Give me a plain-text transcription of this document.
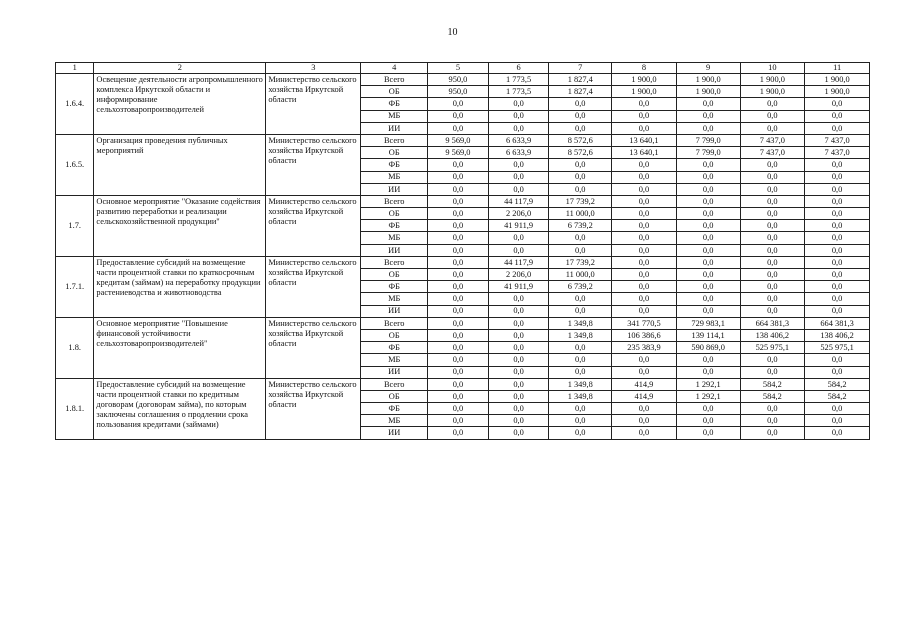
10
1	2	3	4	5	6	7	8	9	10	11
1.6.4.	Освещение деятельности агропромышленного комплекса Иркутской области и информирование сельхозтоваропроизводителей	Министерство сельского хозяйства Иркутской области	Всего	950,0	1 773,5	1 827,4	1 900,0	1 900,0	1 900,0	1 900,0
			ОБ	950,0	1 773,5	1 827,4	1 900,0	1 900,0	1 900,0	1 900,0
			ФБ	0,0	0,0	0,0	0,0	0,0	0,0	0,0
			МБ	0,0	0,0	0,0	0,0	0,0	0,0	0,0
			ИИ	0,0	0,0	0,0	0,0	0,0	0,0	0,0
1.6.5.	Организация проведения публичных мероприятий	Министерство сельского хозяйства Иркутской области	Всего	9 569,0	6 633,9	8 572,6	13 640,1	7 799,0	7 437,0	7 437,0
			ОБ	9 569,0	6 633,9	8 572,6	13 640,1	7 799,0	7 437,0	7 437,0
			ФБ	0,0	0,0	0,0	0,0	0,0	0,0	0,0
			МБ	0,0	0,0	0,0	0,0	0,0	0,0	0,0
			ИИ	0,0	0,0	0,0	0,0	0,0	0,0	0,0
1.7.	Основное мероприятие "Оказание содействия развитию переработки и реализации сельскохозяйственной продукции"	Министерство сельского хозяйства Иркутской области	Всего	0,0	44 117,9	17 739,2	0,0	0,0	0,0	0,0
			ОБ	0,0	2 206,0	11 000,0	0,0	0,0	0,0	0,0
			ФБ	0,0	41 911,9	6 739,2	0,0	0,0	0,0	0,0
			МБ	0,0	0,0	0,0	0,0	0,0	0,0	0,0
			ИИ	0,0	0,0	0,0	0,0	0,0	0,0	0,0
1.7.1.	Предоставление субсидий на возмещение части процентной ставки по краткосрочным кредитам (займам) на переработку продукции растениеводства и животноводства	Министерство сельского хозяйства Иркутской области	Всего	0,0	44 117,9	17 739,2	0,0	0,0	0,0	0,0
			ОБ	0,0	2 206,0	11 000,0	0,0	0,0	0,0	0,0
			ФБ	0,0	41 911,9	6 739,2	0,0	0,0	0,0	0,0
			МБ	0,0	0,0	0,0	0,0	0,0	0,0	0,0
			ИИ	0,0	0,0	0,0	0,0	0,0	0,0	0,0
1.8.	Основное мероприятие "Повышение финансовой устойчивости сельхозтоваропроизводителей"	Министерство сельского хозяйства Иркутской области	Всего	0,0	0,0	1 349,8	341 770,5	729 983,1	664 381,3	664 381,3
			ОБ	0,0	0,0	1 349,8	106 386,6	139 114,1	138 406,2	138 406,2
			ФБ	0,0	0,0	0,0	235 383,9	590 869,0	525 975,1	525 975,1
			МБ	0,0	0,0	0,0	0,0	0,0	0,0	0,0
			ИИ	0,0	0,0	0,0	0,0	0,0	0,0	0,0
1.8.1.	Предоставление субсидий на возмещение части процентной ставки по кредитным договорам (договорам займа), по которым заключены соглашения о продлении срока пользования кредитами (займами)	Министерство сельского хозяйства Иркутской области	Всего	0,0	0,0	1 349,8	414,9	1 292,1	584,2	584,2
			ОБ	0,0	0,0	1 349,8	414,9	1 292,1	584,2	584,2
			ФБ	0,0	0,0	0,0	0,0	0,0	0,0	0,0
			МБ	0,0	0,0	0,0	0,0	0,0	0,0	0,0
			ИИ	0,0	0,0	0,0	0,0	0,0	0,0	0,0
